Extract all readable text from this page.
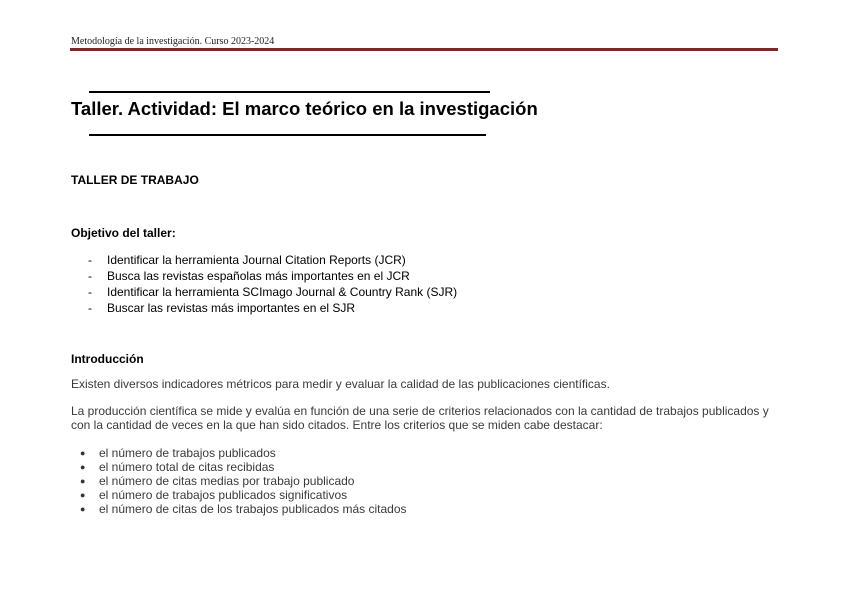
Metodología de la investigación. Curso 2023-2024
Taller. Actividad: El marco teórico en la investigación
TALLER DE TRABAJO
Objetivo del taller:
- Identificar la herramienta Journal Citation Reports (JCR)
- Busca las revistas españolas más importantes en el JCR
- Identificar la herramienta SCImago Journal & Country Rank (SJR)
- Buscar las revistas más importantes en el SJR
Introducción

Existen diversos indicadores métricos para medir y evaluar la calidad de las publicaciones científicas.

La producción científica se mide y evalúa en función de una serie de criterios relacionados con la cantidad de trabajos publicados y con la cantidad de veces en la que han sido citados. Entre los criterios que se miden cabe destacar:

● el número de trabajos publicados
● el número total de citas recibidas
● el número de citas medias por trabajo publicado
● el número de trabajos publicados significativos
● el número de citas de los trabajos publicados más citados
